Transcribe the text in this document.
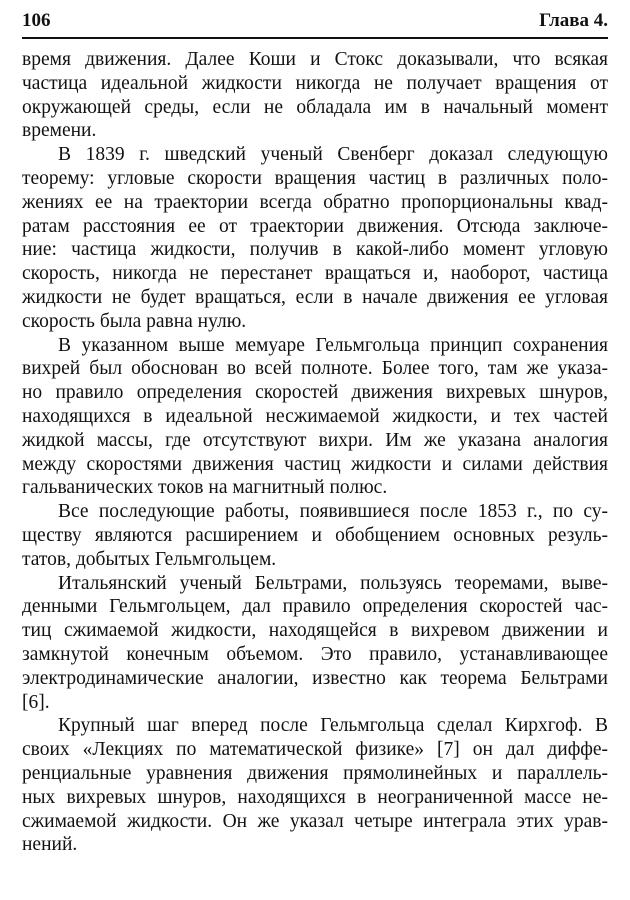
106	Глава 4.

время движения. Далее Коши и Стокс доказывали, что всякая
частица идеальной жидкости никогда не получает вращения от
окружающей среды, если не обладала им в начальный момент
времени.

В 1839 г. шведский ученый Свенберг доказал следующую
теорему: угловые скорости вращения частиц в различных поло-
жениях ее на траектории всегда обратно пропорциональны квад-
ратам расстояния ее от траектории движения. Отсюда заключе-
ние: частица жидкости, получив в какой-либо момент угловую
скорость, никогда не перестанет вращаться и, наоборот, частица
жидкости не будет вращаться, если в начале движения ее угловая
скорость была равна нулю.

В указанном выше мемуаре Гельмгольца принцип сохранения
вихрей был обоснован во всей полноте. Более того, там же указа-
но правило определения скоростей движения вихревых шнуров,
находящихся в идеальной несжимаемой жидкости, и тех частей
жидкой массы, где отсутствуют вихри. Им же указана аналогия
между скоростями движения частиц жидкости и силами действия
гальванических токов на магнитный полюс.

Все последующие работы, появившиеся после 1853 г., по су-
ществу являются расширением и обобщением основных резуль-
татов, добытых Гельмгольцем.

Итальянский ученый Бельтрами, пользуясь теоремами, выве-
денными Гельмгольцем, дал правило определения скоростей час-
тиц сжимаемой жидкости, находящейся в вихревом движении и
замкнутой конечным объемом. Это правило, устанавливающее
электродинамические аналогии, известно как теорема Бельтрами
[6].

Крупный шаг вперед после Гельмгольца сделал Кирхгоф. В
своих «Лекциях по математической физике» [7] он дал диффе-
ренциальные уравнения движения прямолинейных и параллель-
ных вихревых шнуров, находящихся в неограниченной массе не-
сжимаемой жидкости. Он же указал четыре интеграла этих урав-
нений.
